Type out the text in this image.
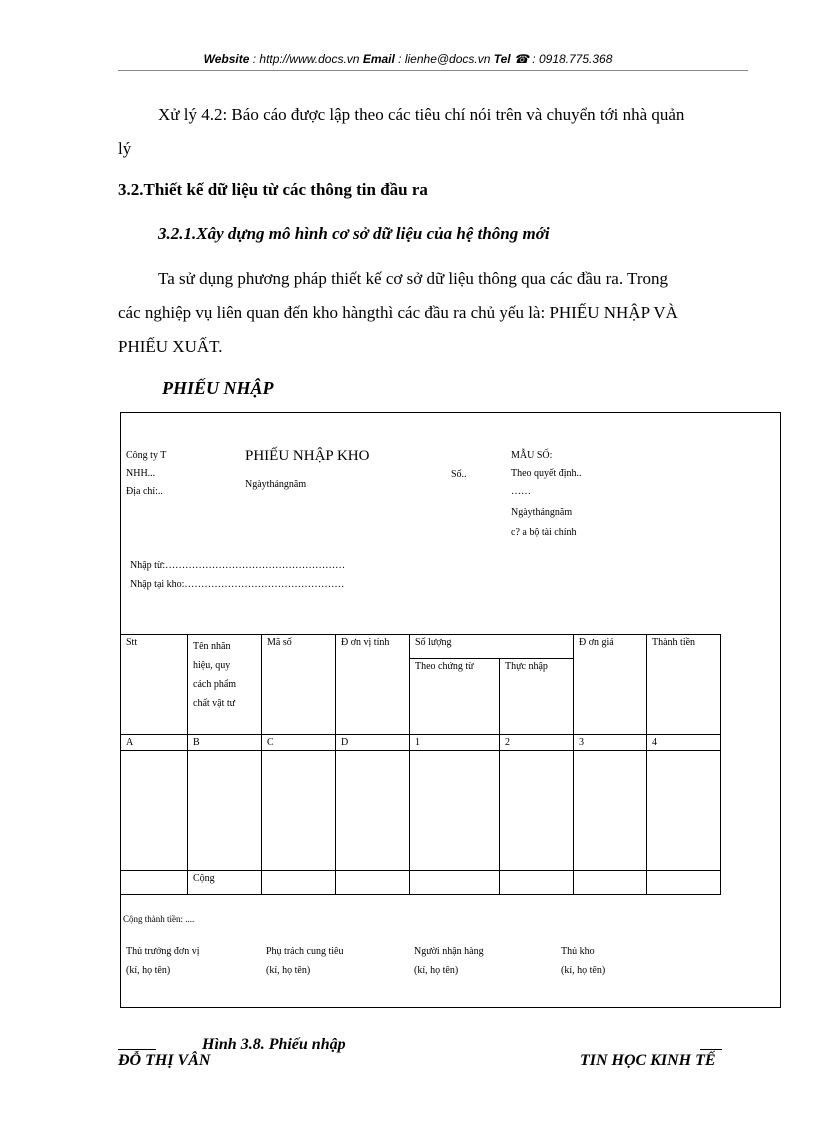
Website : http://www.docs.vn Email : lienhe@docs.vn Tel ☎ : 0918.775.368
Xử lý 4.2: Báo cáo được lập theo các tiêu chí nói trên và chuyển tới nhà quản
lý
3.2.Thiết kế dữ liệu từ các thông tin đầu ra
3.2.1.Xây dựng mô hình cơ sở dữ liệu của hệ thông mới
Ta sử dụng phương pháp thiết kế cơ sở dữ liệu thông qua các đầu ra. Trong
các nghiệp vụ liên quan đến kho hàngthì các đầu ra chủ yếu là: PHIẾU NHẬP VÀ
PHIẾU XUẤT.
PHIẾU NHẬP
Công ty T
NHH...
Địa chỉ:..
PHIẾU NHẬP KHO
Ngàythángnăm
Số..
MẪU SỐ:
Theo quyết định..
……
Ngàythángnăm
c? a bộ tài chính
Nhập từ:………………………………………………
Nhập tại kho:…………………………………………
Stt	Tên nhãn
hiệu, quy
cách phẩm
chất vật tư	Mã số	Đ ơn vị tính	Số lượng		Đ ơn giá	Thành tiền
				Theo chứng từ	Thực nhập		
A	B	C	D	1	2	3	4

	Cộng						
Cộng thành tiền: ....
Thủ trưởng đơn vị
(kí, họ tên)
Phụ trách cung tiêu
(kí, họ tên)
Người nhận hàng
(kí, họ tên)
Thủ kho
(kí, họ tên)
Hình 3.8. Phiếu nhập
ĐỖ THỊ VÂN	TIN HỌC KINH TẾ
